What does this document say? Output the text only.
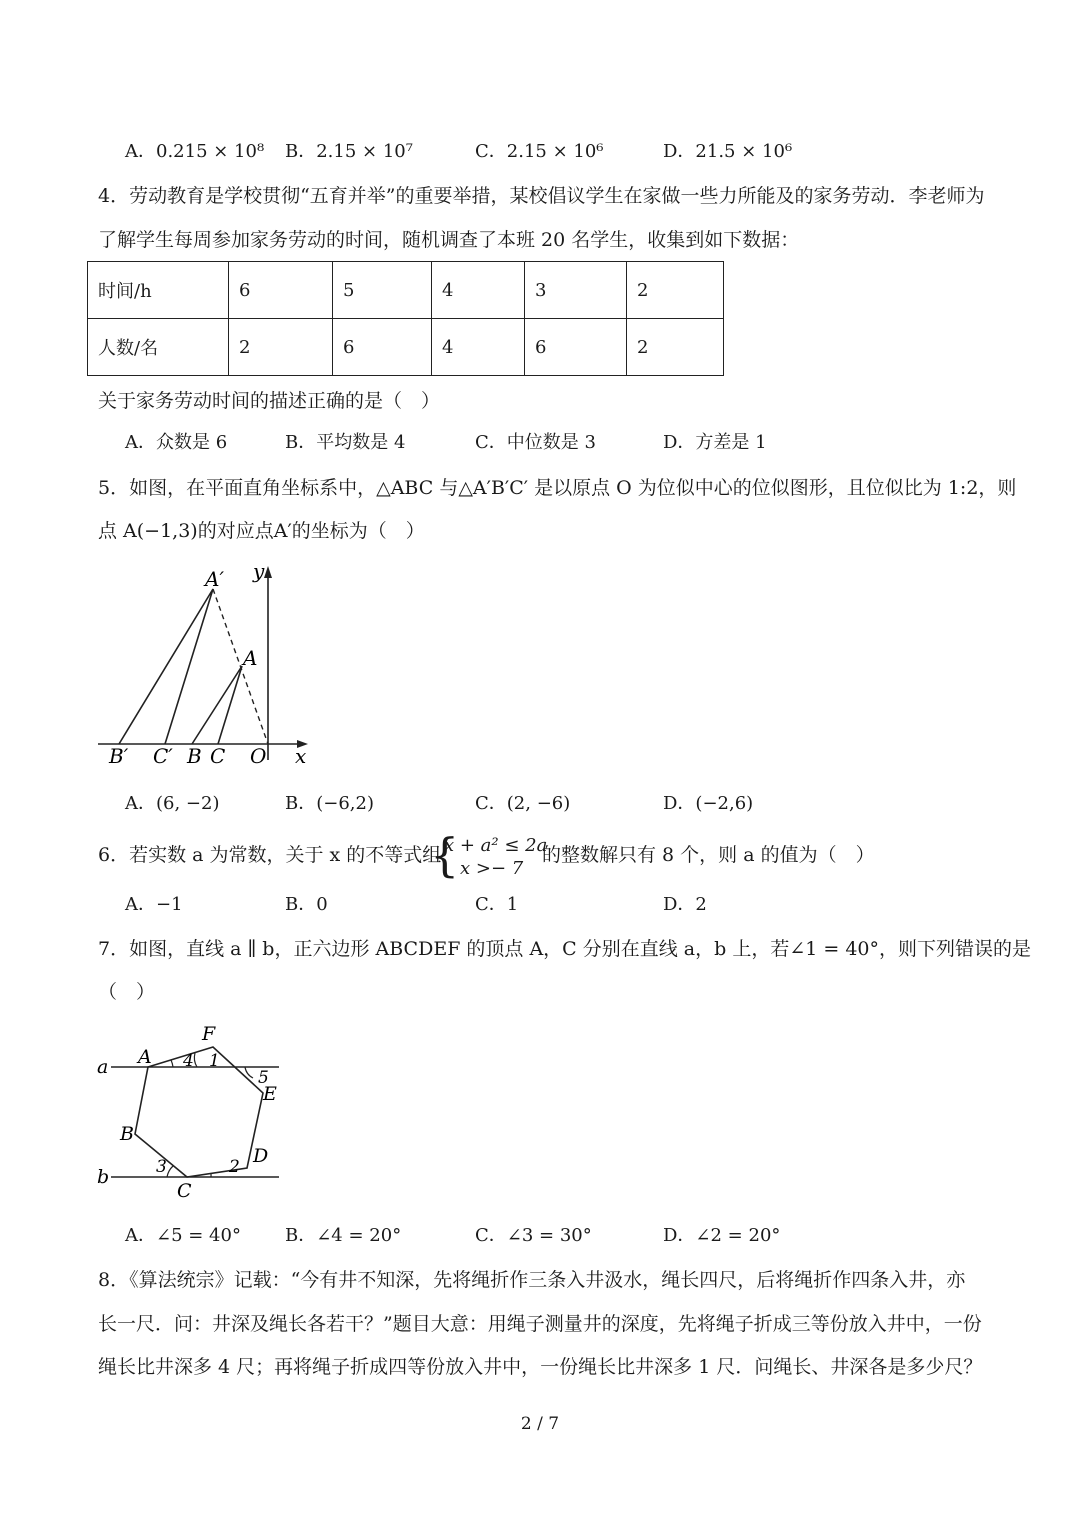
A．0.215 × 10⁸ B．2.15 × 10⁷	C．2.15 × 10⁶	D．21.5 × 10⁶
4．劳动教育是学校贯彻“五育并举”的重要举措，某校倡议学生在家做一些力所能及的家务劳动．李老师为
了解学生每周参加家务劳动的时间，随机调查了本班 20 名学生，收集到如下数据：
时间/h	6	5	4	3	2
人数/名	2	6	4	6	2
关于家务劳动时间的描述正确的是（　）
A．众数是 6	B．平均数是 4	C．中位数是 3	D．方差是 1
5．如图，在平面直角坐标系中，△ABC 与△A′B′C′ 是以原点 O 为位似中心的位似图形，且位似比为 1:2，则
点 A(−1,3)的对应点A′的坐标为（　）
A′ y
A
B′ C′ B C O x
A．(6, −2)	B．(−6,2)	C．(2, −6)	D．(−2,6)
6．若实数 a 为常数，关于 x 的不等式组
{
x + a² ≤ 2a
x >− 7
的整数解只有 8 个，则 a 的值为（　）
A．−1	B．0	C．1	D．2
7．如图，直线 a ∥ b，正六边形 ABCDEF 的顶点 A，C 分别在直线 a，b 上，若∠1 = 40°，则下列错误的是
（　）
F
a A 4 1
5
E
B
D
b	3	2
C
A．∠5 = 40° B．∠4 = 20°	C．∠3 = 30°	D．∠2 = 20°
8．《算法统宗》记载：“今有井不知深，先将绳折作三条入井汲水，绳长四尺，后将绳折作四条入井，亦
长一尺．问：井深及绳长各若干？”题目大意：用绳子测量井的深度，先将绳子折成三等份放入井中，一份
绳长比井深多 4 尺；再将绳子折成四等份放入井中，一份绳长比井深多 1 尺．问绳长、井深各是多少尺？
2 / 7
